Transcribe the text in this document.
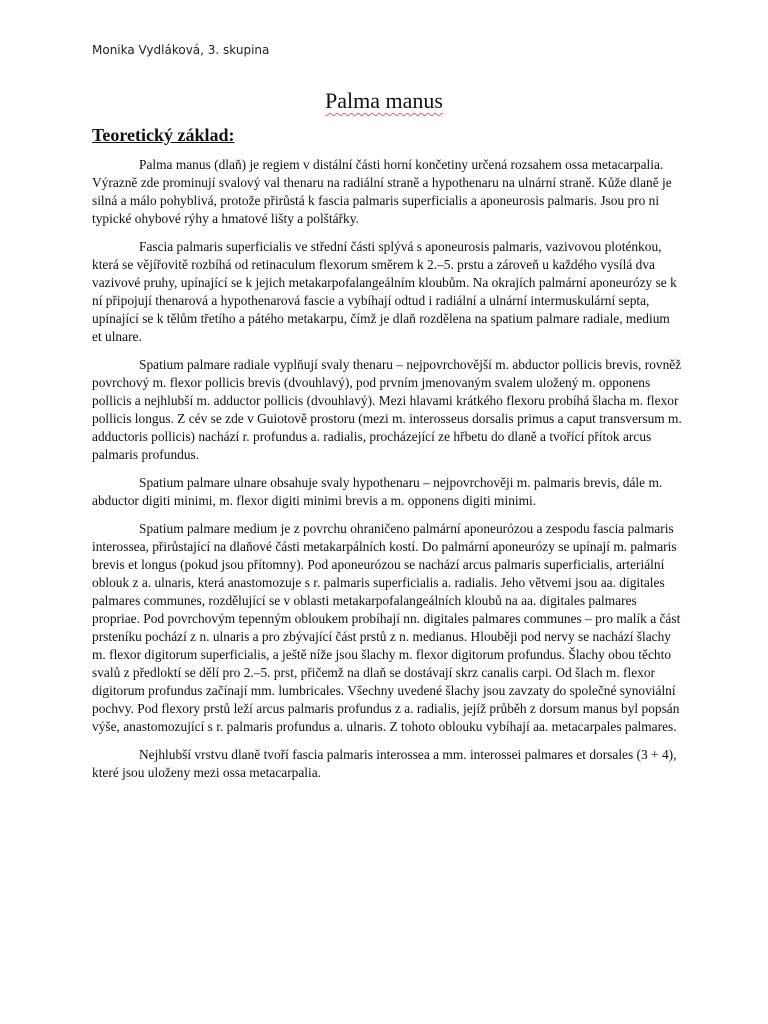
Monika Vydláková, 3. skupina
Palma manus
Teoretický základ:

Palma manus (dlaň) je regiem v distální části horní končetiny určená rozsahem ossa metacarpalia. Výrazně zde prominují svalový val thenaru na radiální straně a hypothenaru na ulnární straně. Kůže dlaně je silná a málo pohyblivá, protože přirůstá k fascia palmaris superficialis a aponeurosis palmaris. Jsou pro ni typické ohybové rýhy a hmatové lišty a polštářky.

Fascia palmaris superficialis ve střední části splývá s aponeurosis palmaris, vazivovou ploténkou, která se vějířovitě rozbíhá od retinaculum flexorum směrem k 2.–5. prstu a zároveň u každého vysílá dva vazivové pruhy, upínající se k jejich metakarpofalangeálním kloubům. Na okrajích palmární aponeurózy se k ní připojují thenarová a hypothenarová fascie a vybíhají odtud i radiální a ulnární intermuskulární septa, upínající se k tělům třetího a pátého metakarpu, čímž je dlaň rozdělena na spatium palmare radiale, medium et ulnare.

Spatium palmare radiale vyplňují svaly thenaru – nejpovrchovější m. abductor pollicis brevis, rovněž povrchový m. flexor pollicis brevis (dvouhlavý), pod prvním jmenovaným svalem uložený m. opponens pollicis a nejhlubší m. adductor pollicis (dvouhlavý). Mezi hlavami krátkého flexoru probíhá šlacha m. flexor pollicis longus. Z cév se zde v Guiotově prostoru (mezi m. interosseus dorsalis primus a caput transversum m. adductoris pollicis) nachází r. profundus a. radialis, procházející ze hřbetu do dlaně a tvořící přítok arcus palmaris profundus.

Spatium palmare ulnare obsahuje svaly hypothenaru – nejpovrchověji m. palmaris brevis, dále m. abductor digiti minimi, m. flexor digiti minimi brevis a m. opponens digiti minimi.

Spatium palmare medium je z povrchu ohraničeno palmární aponeurózou a zespodu fascia palmaris interossea, přirůstající na dlaňové části metakarpálních kostí. Do palmární aponeurózy se upínají m. palmaris brevis et longus (pokud jsou přítomny). Pod aponeurózou se nachází arcus palmaris superficialis, arteriální oblouk z a. ulnaris, která anastomozuje s r. palmaris superficialis a. radialis. Jeho větvemi jsou aa. digitales palmares communes, rozdělující se v oblasti metakarpofalangeálních kloubů na aa. digitales palmares propriae. Pod povrchovým tepenným obloukem probíhají nn. digitales palmares communes – pro malík a část prsteníku pochází z n. ulnaris a pro zbývající část prstů z n. medianus. Hlouběji pod nervy se nachází šlachy m. flexor digitorum superficialis, a ještě níže jsou šlachy m. flexor digitorum profundus. Šlachy obou těchto svalů z předloktí se dělí pro 2.–5. prst, přičemž na dlaň se dostávají skrz canalis carpi. Od šlach m. flexor digitorum profundus začínají mm. lumbricales. Všechny uvedené šlachy jsou zavzaty do společné synoviální pochvy. Pod flexory prstů leží arcus palmaris profundus z a. radialis, jejíž průběh z dorsum manus byl popsán výše, anastomozující s r. palmaris profundus a. ulnaris. Z tohoto oblouku vybíhají aa. metacarpales palmares.

Nejhlubší vrstvu dlaně tvoří fascia palmaris interossea a mm. interossei palmares et dorsales (3 + 4), které jsou uloženy mezi ossa metacarpalia.
